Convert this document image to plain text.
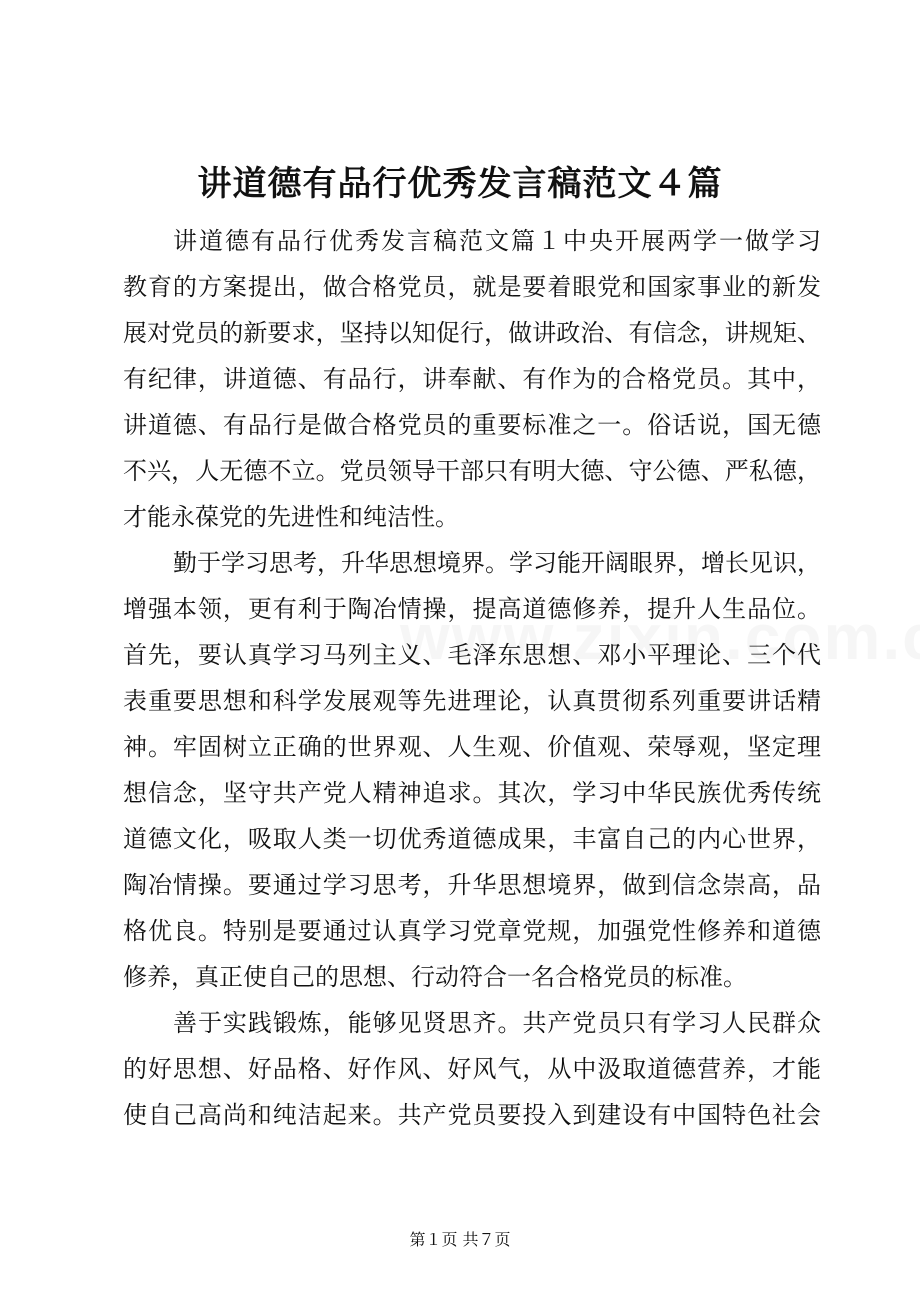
讲道德有品行优秀发言稿范文４篇
讲道德有品行优秀发言稿范文篇１中央开展两学一做学习
教育的方案提出，做合格党员，就是要着眼党和国家事业的新发
展对党员的新要求，坚持以知促行，做讲政治、有信念，讲规矩、
有纪律，讲道德、有品行，讲奉献、有作为的合格党员。其中，
讲道德、有品行是做合格党员的重要标准之一。俗话说，国无德
不兴，人无德不立。党员领导干部只有明大德、守公德、严私德，
才能永葆党的先进性和纯洁性。
勤于学习思考，升华思想境界。学习能开阔眼界，增长见识，
增强本领，更有利于陶冶情操，提高道德修养，提升人生品位。
首先，要认真学习马列主义、毛泽东思想、邓小平理论、三个代
表重要思想和科学发展观等先进理论，认真贯彻系列重要讲话精
神。牢固树立正确的世界观、人生观、价值观、荣辱观，坚定理
想信念，坚守共产党人精神追求。其次，学习中华民族优秀传统
道德文化，吸取人类一切优秀道德成果，丰富自己的内心世界，
陶冶情操。要通过学习思考，升华思想境界，做到信念崇高，品
格优良。特别是要通过认真学习党章党规，加强党性修养和道德
修养，真正使自己的思想、行动符合一名合格党员的标准。
善于实践锻炼，能够见贤思齐。共产党员只有学习人民群众
的好思想、好品格、好作风、好风气，从中汲取道德营养，才能
使自己高尚和纯洁起来。共产党员要投入到建设有中国特色社会
第１页 共７页
